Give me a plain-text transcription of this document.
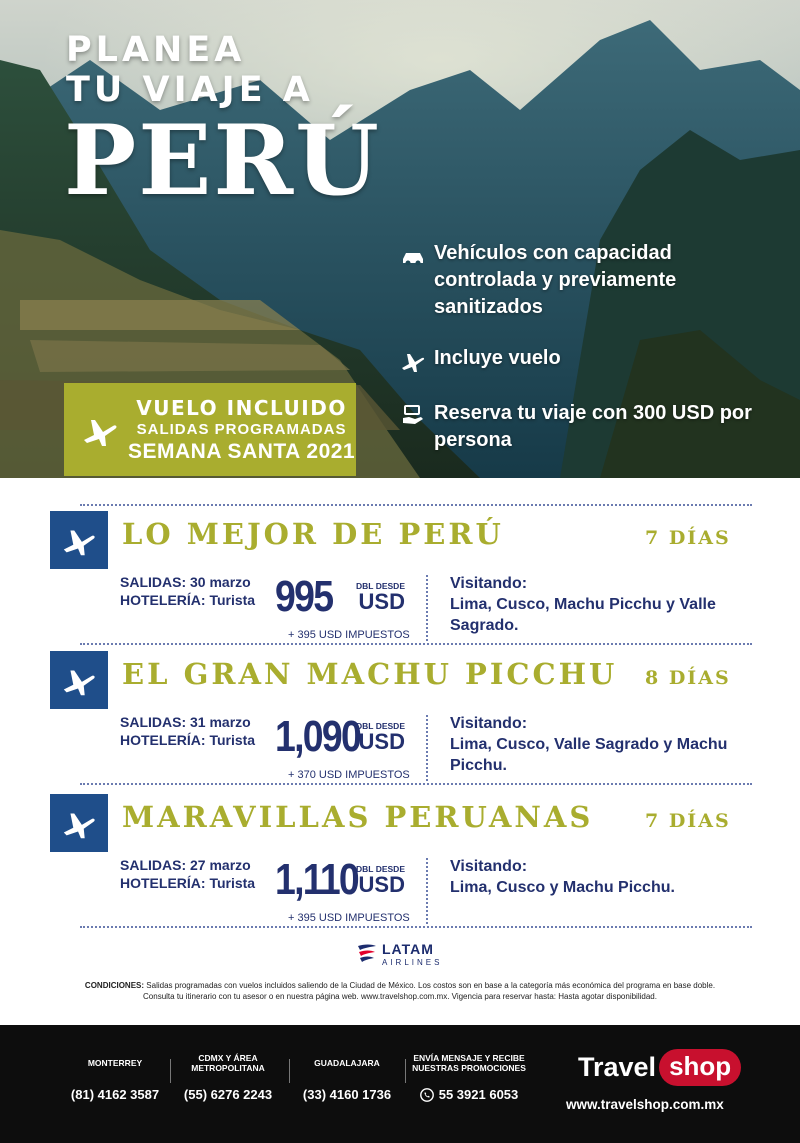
PLANEA
TU VIAJE A
PERÚ
Vehículos con capacidad controlada y previamente sanitizados
Incluye vuelo
Reserva tu viaje con 300 USD por persona
VUELO INCLUIDO
SALIDAS PROGRAMADAS
SEMANA SANTA 2021
LO MEJOR DE PERÚ	7 DÍAS
SALIDAS: 30 marzo
HOTELERÍA: Turista 995	DBL DESDE
USD
+ 395 USD IMPUESTOS
Visitando:
Lima, Cusco, Machu Picchu y Valle Sagrado.
EL GRAN MACHU PICCHU 8 DÍAS
SALIDAS: 31 marzo
HOTELERÍA: Turista 1,090
DBL DESDE
USD
+ 370 USD IMPUESTOS
Visitando:
Lima, Cusco, Valle Sagrado y Machu Picchu.
MARAVILLAS PERUANAS	7 DÍAS
SALIDAS: 27 marzo
HOTELERÍA: Turista 1,110
DBL DESDE
USD
+ 395 USD IMPUESTOS
Visitando:
Lima, Cusco y Machu Picchu.
LATAM
AIRLINES
CONDICIONES: Salidas programadas con vuelos incluidos saliendo de la Ciudad de México. Los costos son en base a la categoría más económica del programa en base doble.
Consulta tu itinerario con tu asesor o en nuestra página web. www.travelshop.com.mx. Vigencia para reservar hasta: Hasta agotar disponibilidad.
MONTERREY
(81) 4162 3587
CDMX Y ÁREA METROPOLITANA
(55) 6276 2243
GUADALAJARA
(33) 4160 1736
ENVÍA MENSAJE Y RECIBE NUESTRAS PROMOCIONES
55 3921 6053
Travel shop
www.travelshop.com.mx
